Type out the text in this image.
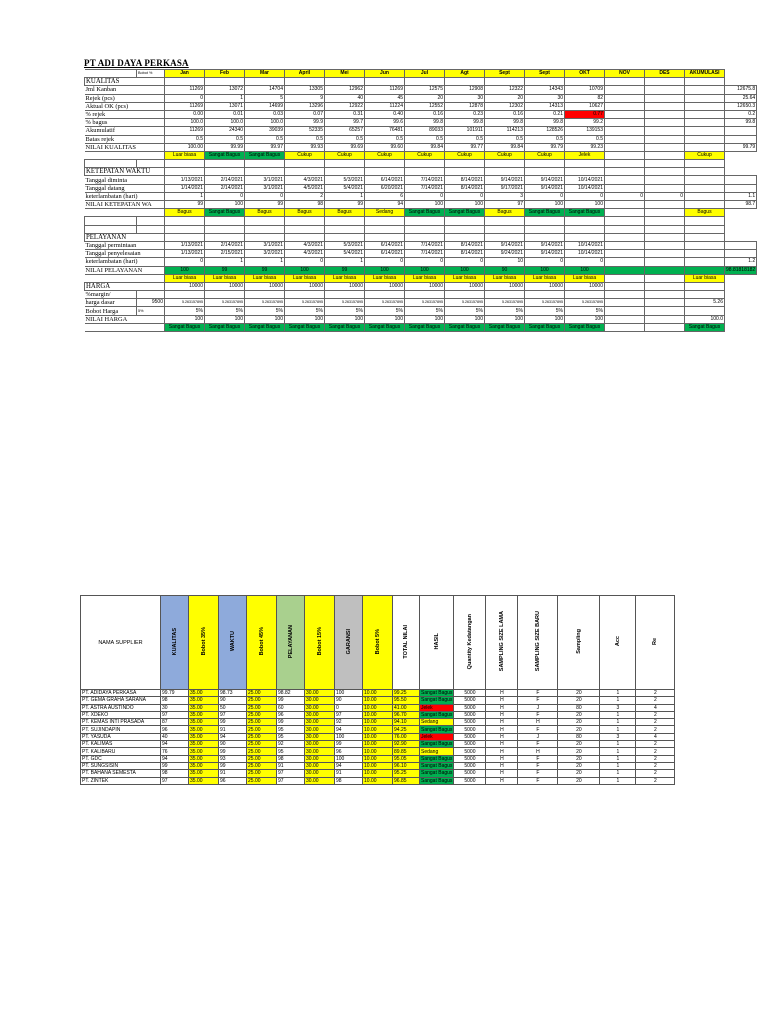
PT ADI DAYA PERKASA
	Bobot %	Jan	Feb	Mar	April	Mei	Jun	Jul	Agt	Sept	Sept	OKT	NOV	DES	AKUMULASI	
KUALITAS																
Jml Kanban		11269	13072	14704	13305	12962	11269	12575	12908	12322	14343	10709				12675.8
Rejek (pcs)		0	1	5	9	40	45	20	30	20	30	82				25.64
Aktual OK (pcs)		11269	13071	14699	13296	12922	11224	12552	12878	12302	14313	10627				12650.3
% rejek		0.00	0.01	0.03	0.07	0.31	0.40	0.16	0.23	0.16	0.21	0.77				0.2
% bagus		100.0	100.0	100.0	99.9	99.7	99.6	99.8	99.8	99.8	99.8	99.2				99.8
Akumulatif		11269	24340	39039	52335	65257	76481	89033	101911	114213	128526	139153				
Batas rejek		0.5	0.5	0.5	0.5	0.5	0.5	0.5	0.5	0.5	0.5	0.5				
NILAI KUALITAS		100.00	99.99	99.97	99.93	99.69	99.60	99.84	99.77	99.84	99.79	99.23				99.79
		Luar biasa	Sangat Bagus	Sangat Bagus	Cukup	Cukup	Cukup	Cukup	Cukup	Cukup	Cukup	Jelek			Cukup	

KETEPATAN WAKTU																
Tanggal diminta		1/13/2021	2/14/2021	3/1/2021	4/3/2021	5/3/2021	6/14/2021	7/14/2021	8/14/2021	9/14/2021	9/14/2021	10/14/2021				
Tanggal datang		1/14/2021	2/14/2021	3/1/2021	4/5/2021	5/4/2021	6/20/2021	7/14/2021	8/14/2021	9/17/2021	9/14/2021	10/14/2021				
keterlambatan (hari)		1	0	0	2	1	6	0	0	3	0	0	0	0		1.1
NILAI KETEPATAN WA		99	100	99	98	99	94	100	100	97	100	100				98.7
		Bagus	Sangat Bagus	Bagus	Bagus	Bagus	Sedang	Sangat Bagus	Sangat Bagus	Bagus	Sangat Bagus	Sangat Bagus			Bagus	

PELAYANAN																
Tanggal permintaan		1/13/2021	2/14/2021	3/1/2021	4/3/2021	5/3/2021	6/14/2021	7/14/2021	8/14/2021	9/14/2021	9/14/2021	10/14/2021				
Tanggal penyelesaian		1/13/2021	2/15/2021	3/2/2021	4/3/2021	5/4/2021	6/14/2021	7/14/2021	8/14/2021	9/24/2021	9/14/2021	10/14/2021				
keterlambatan (hari)		0	1	1	0	1	0	0	0	10	0	0				1.2
NILAI PELAYANAN		100	99	99	100	99	100	100	100	90	100	100				98.81818182
		Luar biasa	Luar biasa	Luar biasa	Luar biasa	Luar biasa	Luar biasa	Luar biasa	Luar biasa	Luar biasa	Luar biasa	Luar biasa			Luar biasa	
HARGA		10000	10000	10000	10000	10000	10000	10000	10000	10000	10000	10000				
%margin/																
harga dasar	9500	5.263157895	5.263157895	5.263157895	5.263157895	5.263157895	5.263157895	5.263157895	5.263157895	5.263157895	5.263157895	5.263157895			5.26	
Bobot Harga	5%	5%	5%	5%	5%	5%	5%	5%	5%	5%	5%	5%				
NILAI HARGA		100	100	100	100	100	100	100	100	100	100	100			100.0	
		Sangat Bagus	Sangat Bagus	Sangat Bagus	Sangat Bagus	Sangat Bagus	Sangat Bagus	Sangat Bagus	Sangat Bagus	Sangat Bagus	Sangat Bagus	Sangat Bagus			Sangat Bagus	
NAMA SUPPLIER	KUALITAS	Bobot 35%	WAKTU	Bobot 45%	PELAYANAN	Bobot 15%	GARANSI	Bobot 5%	TOTAL NILAI	HASIL	Quantity Kedatangan	SAMPLING SIZE LAMA	SAMPLING SIZE BARU	Sampling	Acc	Re
PT. ADIDAYA PERKASA	99.79	35.00	98.73	25.00	98.82	30.00	100	10.00	99.25	Sangat Bagus	5000	H	F	20	1	2
PT. GEMA GRAHA SARANA	98	35.00	90	25.00	99	30.00	90	10.00	95.50	Sangat Bagus	5000	H	F	20	1	2
PT. ASTRA AUSTINDO	30	35.00	50	25.00	60	30.00	0	10.00	41.00	Jelek	5000	H	J	80	3	4
PT. XDEKO	97	35.00	97	25.00	96	30.00	97	10.00	96.70	Sangat Bagus	5000	H	F	20	1	2
PT. KEMAS INTI PRASADA	87	35.00	99	25.00	99	30.00	92	10.00	94.10	Sedang	5000	H	H	20	1	2
PT. SUJINDAPIN	96	35.00	91	25.00	95	30.00	94	10.00	94.25	Sangat Bagus	5000	H	F	20	1	2
PT. YASUDA	40	35.00	94	25.00	95	30.00	100	10.00	76.00	Jelek	5000	H	J	80	3	4
PT. KALIMAS	94	35.00	90	25.00	92	30.00	99	10.00	92.90	Sangat Bagus	5000	H	F	20	1	2
PT. KALIBARU	76	35.00	99	25.00	95	30.00	96	10.00	89.85	Sedang	5000	H	H	20	1	2
PT. GDC	94	35.00	93	25.00	98	30.00	100	10.00	95.05	Sangat Bagus	5000	H	F	20	1	2
PT. SUNGSISIN	99	35.00	99	25.00	91	30.00	94	10.00	96.10	Sangat Bagus	5000	H	F	20	1	2
PT. BAHANA SEMESTA	98	35.00	91	25.00	97	30.00	91	10.00	95.25	Sangat Bagus	5000	H	F	20	1	2
PT. ZINTEK	97	35.00	96	25.00	97	30.00	98	10.00	96.85	Sangat Bagus	5000	H	F	20	1	2
